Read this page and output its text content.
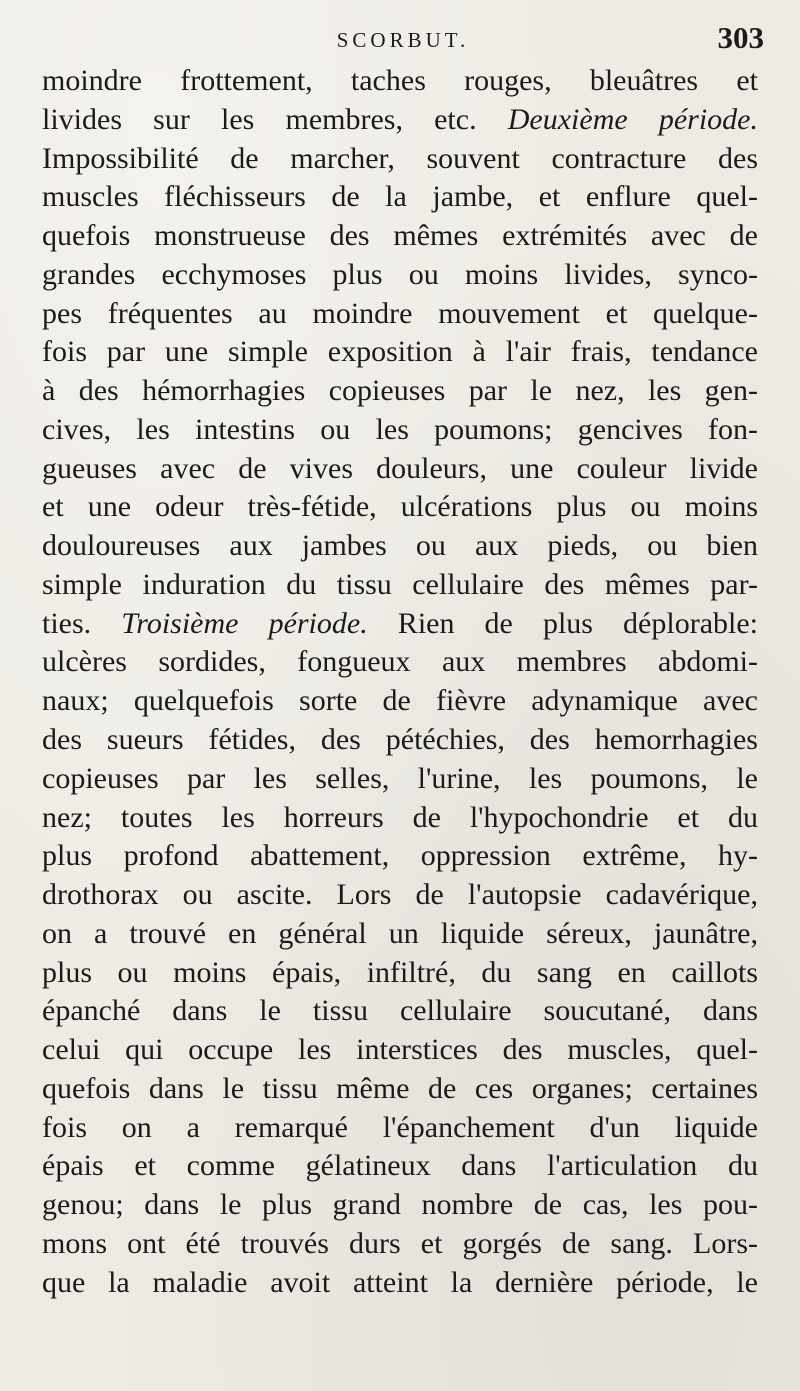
SCORBUT.	303
moindre frottement, taches rouges, bleuâtres et
livides sur les membres, etc. Deuxième période.
Impossibilité de marcher, souvent contracture des
muscles fléchisseurs de la jambe, et enflure quel-
quefois monstrueuse des mêmes extrémités avec de
grandes ecchymoses plus ou moins livides, synco-
pes fréquentes au moindre mouvement et quelque-
fois par une simple exposition à l'air frais, tendance
à des hémorrhagies copieuses par le nez, les gen-
cives, les intestins ou les poumons; gencives fon-
gueuses avec de vives douleurs, une couleur livide
et une odeur très-fétide, ulcérations plus ou moins
douloureuses aux jambes ou aux pieds, ou bien
simple induration du tissu cellulaire des mêmes par-
ties. Troisième période. Rien de plus déplorable:
ulcères sordides, fongueux aux membres abdomi-
naux; quelquefois sorte de fièvre adynamique avec
des sueurs fétides, des pétéchies, des hemorrhagies
copieuses par les selles, l'urine, les poumons, le
nez; toutes les horreurs de l'hypochondrie et du
plus profond abattement, oppression extrême, hy-
drothorax ou ascite. Lors de l'autopsie cadavérique,
on a trouvé en général un liquide séreux, jaunâtre,
plus ou moins épais, infiltré, du sang en caillots
épanché dans le tissu cellulaire soucutané, dans
celui qui occupe les interstices des muscles, quel-
quefois dans le tissu même de ces organes; certaines
fois on a remarqué l'épanchement d'un liquide
épais et comme gélatineux dans l'articulation du
genou; dans le plus grand nombre de cas, les pou-
mons ont été trouvés durs et gorgés de sang. Lors-
que la maladie avoit atteint la dernière période, le
